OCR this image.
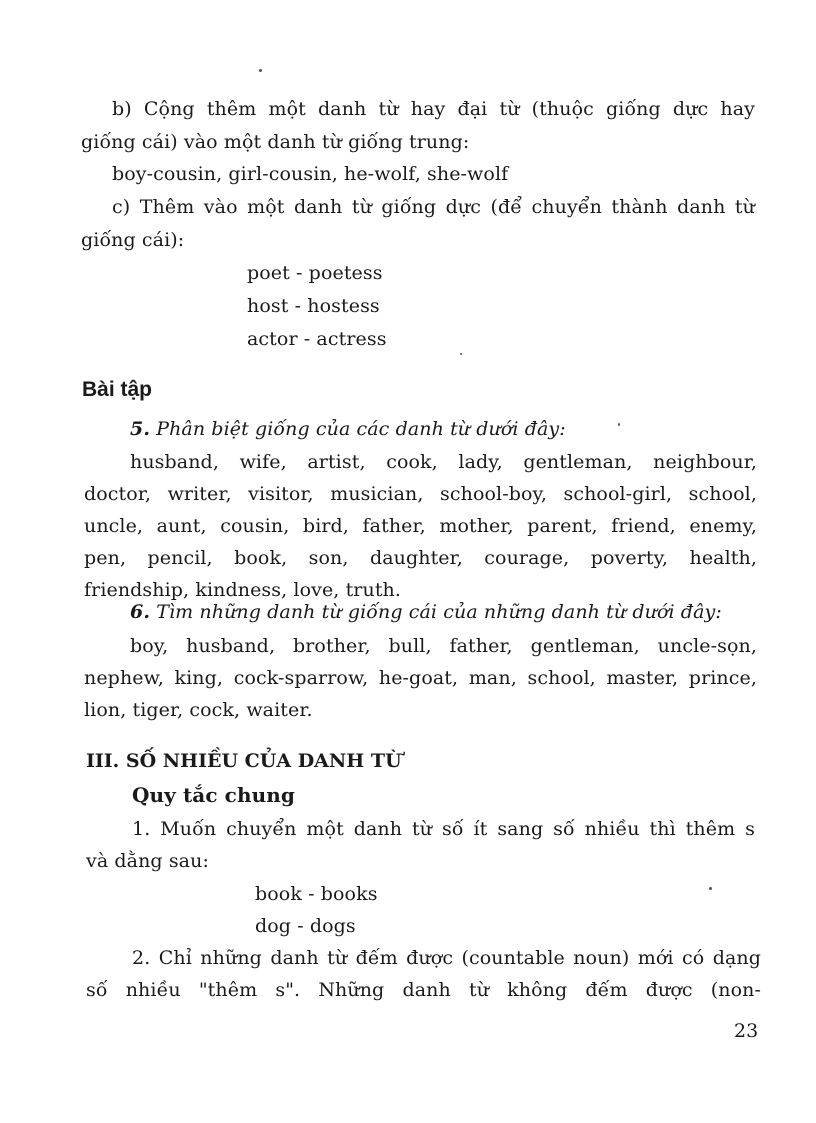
b) Cộng thêm một danh từ hay đại từ (thuộc giống dực hay
giống cái) vào một danh từ giống trung:
boy-cousin, girl-cousin, he-wolf, she-wolf
c) Thêm vào một danh từ giống dực (để chuyển thành danh từ
giống cái):
poet - poetess
host - hostess
actor - actress
Bài tập
5. Phân biệt giống của các danh từ dưới đây:
husband, wife, artist, cook, lady, gentleman, neighbour,
doctor, writer, visitor, musician, school-boy, school-girl, school,
uncle, aunt, cousin, bird, father, mother, parent, friend, enemy,
pen, pencil, book, son, daughter, courage, poverty, health,
friendship, kindness, love, truth.
6. Tìm những danh từ giống cái của những danh từ dưới đây:
boy, husband, brother, bull, father, gentleman, uncle-sọn,
nephew, king, cock-sparrow, he-goat, man, school, master, prince,
lion, tiger, cock, waiter.
III. SỐ NHIỀU CỦA DANH TỪ
Quy tắc chung
1. Muốn chuyển một danh từ số ít sang số nhiều thì thêm s
và dằng sau:
book - books
dog - dogs
2. Chỉ những danh từ đếm được (countable noun) mới có dạng
số nhiều "thêm s". Những danh từ không đếm được (non-
23
